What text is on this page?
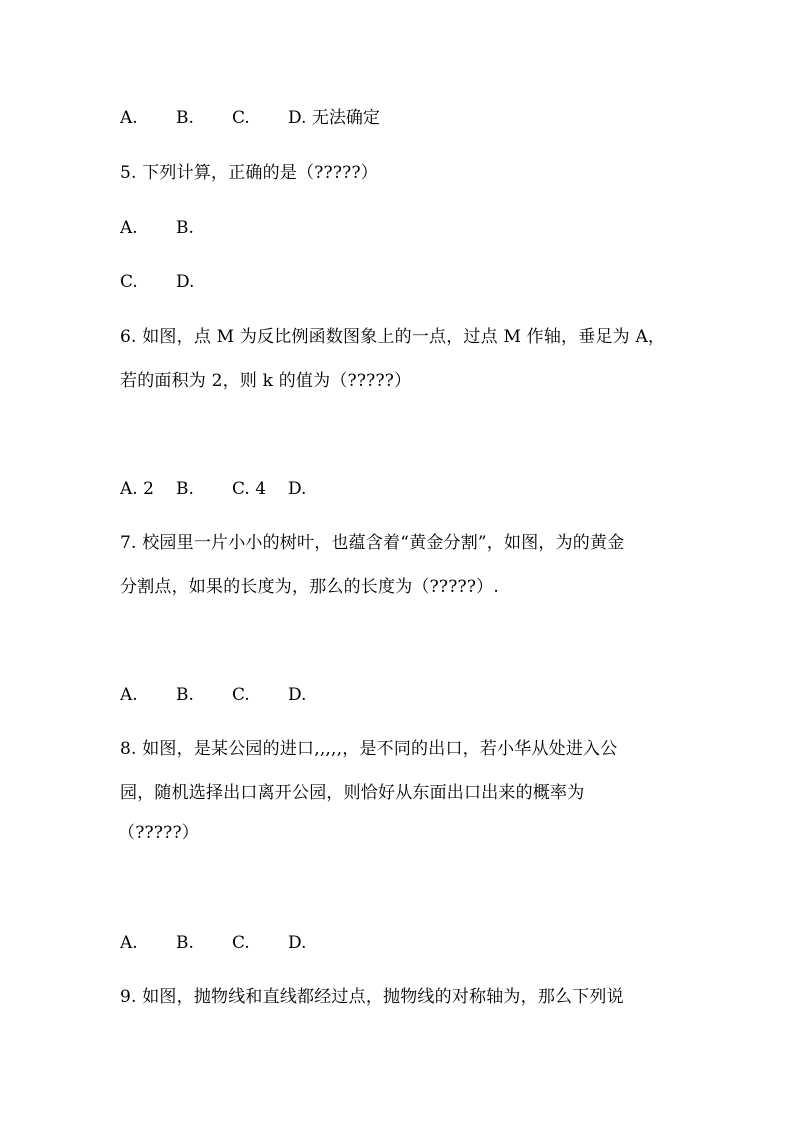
A. B. C. D. 无法确定
5. 下列计算，正确的是（?????）
A. B.
C. D.
6. 如图，点 M 为反比例函数图象上的一点，过点 M 作轴，垂足为 A，
若的面积为 2，则 k 的值为（?????）
A. 2 B. C. 4 D.
7. 校园里一片小小的树叶，也蕴含着“黄金分割”，如图，为的黄金
分割点，如果的长度为，那么的长度为（?????）.
A. B. C. D.
8. 如图，是某公园的进口,,,,,，是不同的出口，若小华从处进入公
园，随机选择出口离开公园，则恰好从东面出口出来的概率为
（?????）
A. B. C. D.
9. 如图，抛物线和直线都经过点，抛物线的对称轴为，那么下列说
